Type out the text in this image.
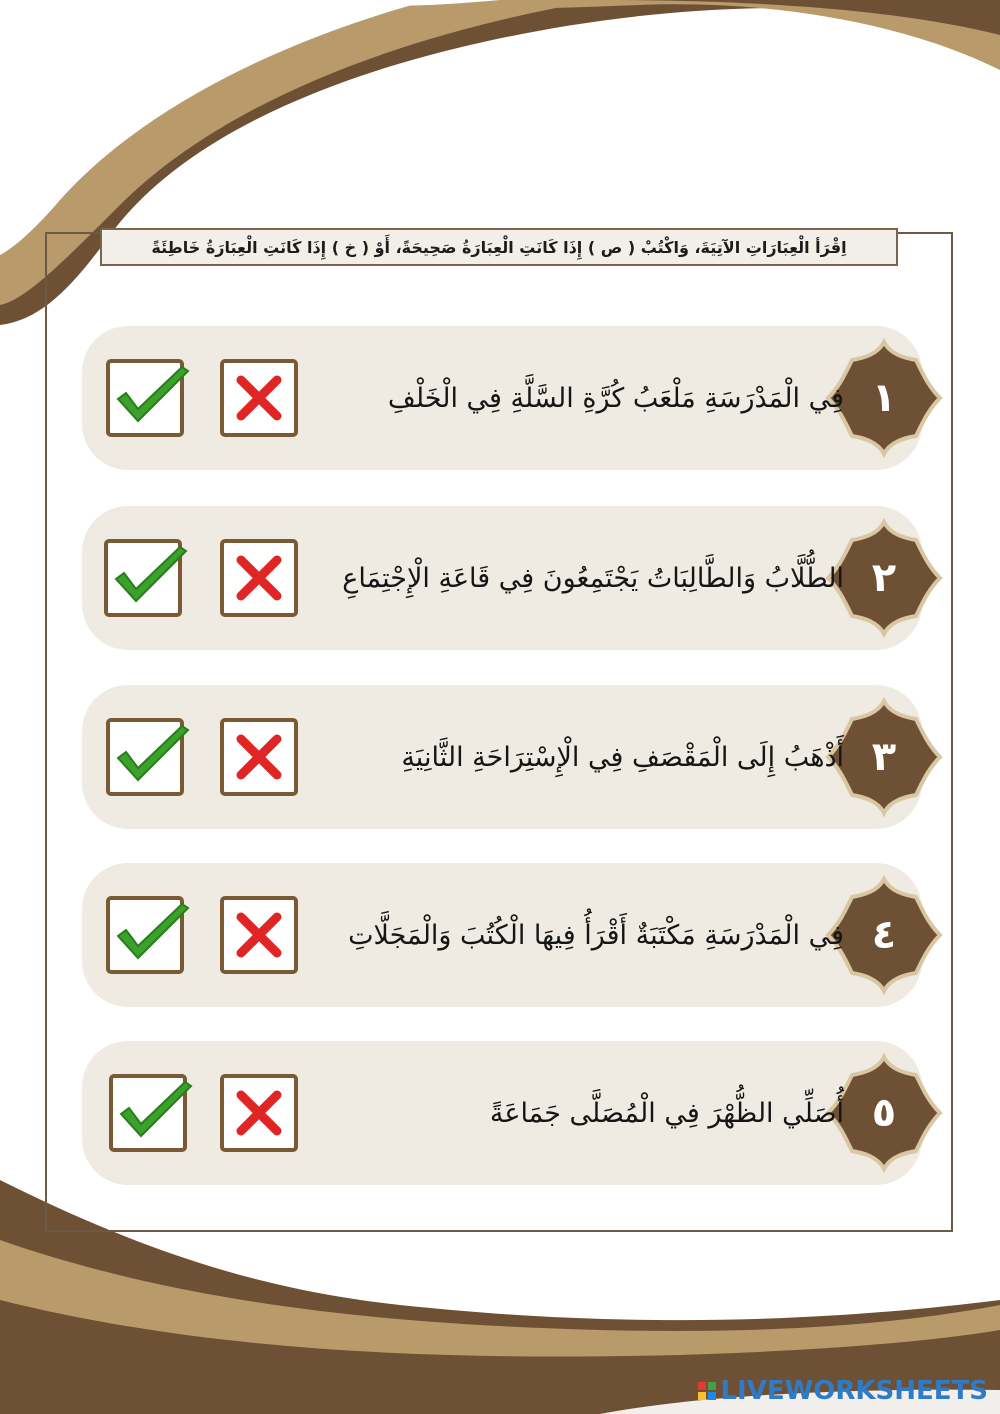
اِقْرَأ الْعِبَارَاتِ الآتِيَةَ، وَاكْتُبْ ( ص ) إِذَا كَانَتِ الْعِبَارَةُ صَحِيحَةً، أَوْ ( خ ) إِذَا كَانَتِ الْعِبَارَةُ خَاطِئَةً
١
فِي الْمَدْرَسَةِ مَلْعَبُ كُرَّةِ السَّلَّةِ فِي الْخَلْفِ
٢
الطُّلَّابُ وَالطَّالِبَاتُ يَجْتَمِعُونَ فِي قَاعَةِ الْإِجْتِمَاعِ
٣
أَذْهَبُ إِلَى الْمَقْصَفِ فِي الْإِسْتِرَاحَةِ الثَّانِيَةِ
٤
فِي الْمَدْرَسَةِ مَكْتَبَةٌ أَقْرَأُ فِيهَا الْكُتُبَ وَالْمَجَلَّاتِ
٥
أُصَلِّي الظُّهْرَ فِي الْمُصَلَّى جَمَاعَةً
LIVEWORKSHEETS
